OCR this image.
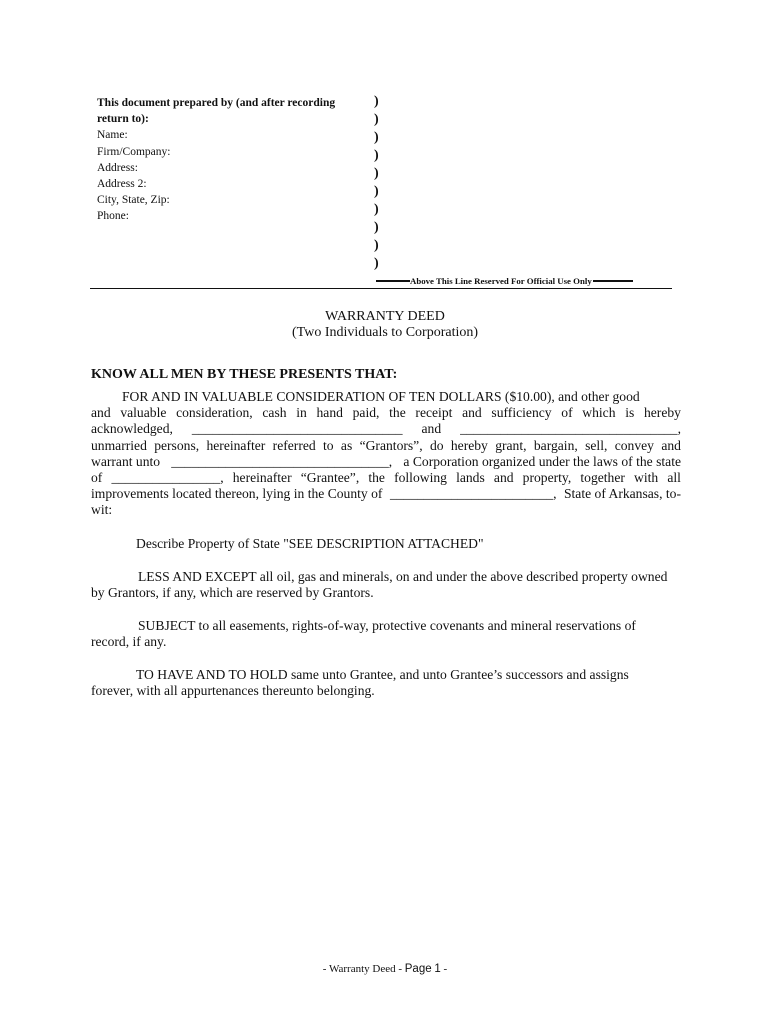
This document prepared by (and after recording
return to):
Name:
Firm/Company:
Address:
Address 2:
City, State, Zip:
Phone:
)
)
)
)
)
)
)
)
)
)
Above This Line Reserved For Official Use Only
WARRANTY DEED
(Two Individuals to Corporation)
KNOW ALL MEN BY THESE PRESENTS THAT:
FOR AND IN VALUABLE CONSIDERATION OF TEN DOLLARS ($10.00), and other good
and valuable consideration, cash in hand paid, the receipt and sufficiency of which is hereby
acknowledged, _______________________________ and ________________________________,
unmarried persons, hereinafter referred to as “Grantors”, do hereby grant, bargain, sell, convey and
warrant unto ________________________________, a Corporation organized under the laws of the state
of ________________, hereinafter “Grantee”, the following lands and property, together with all
improvements located thereon, lying in the County of ________________________, State of Arkansas, to-
wit:
Describe Property of State "SEE DESCRIPTION ATTACHED"
LESS AND EXCEPT all oil, gas and minerals, on and under the above described property owned
by Grantors, if any, which are reserved by Grantors.
SUBJECT to all easements, rights-of-way, protective covenants and mineral reservations of
record, if any.
TO HAVE AND TO HOLD same unto Grantee, and unto Grantee’s successors and assigns
forever, with all appurtenances thereunto belonging.
- Warranty Deed - Page 1 -
